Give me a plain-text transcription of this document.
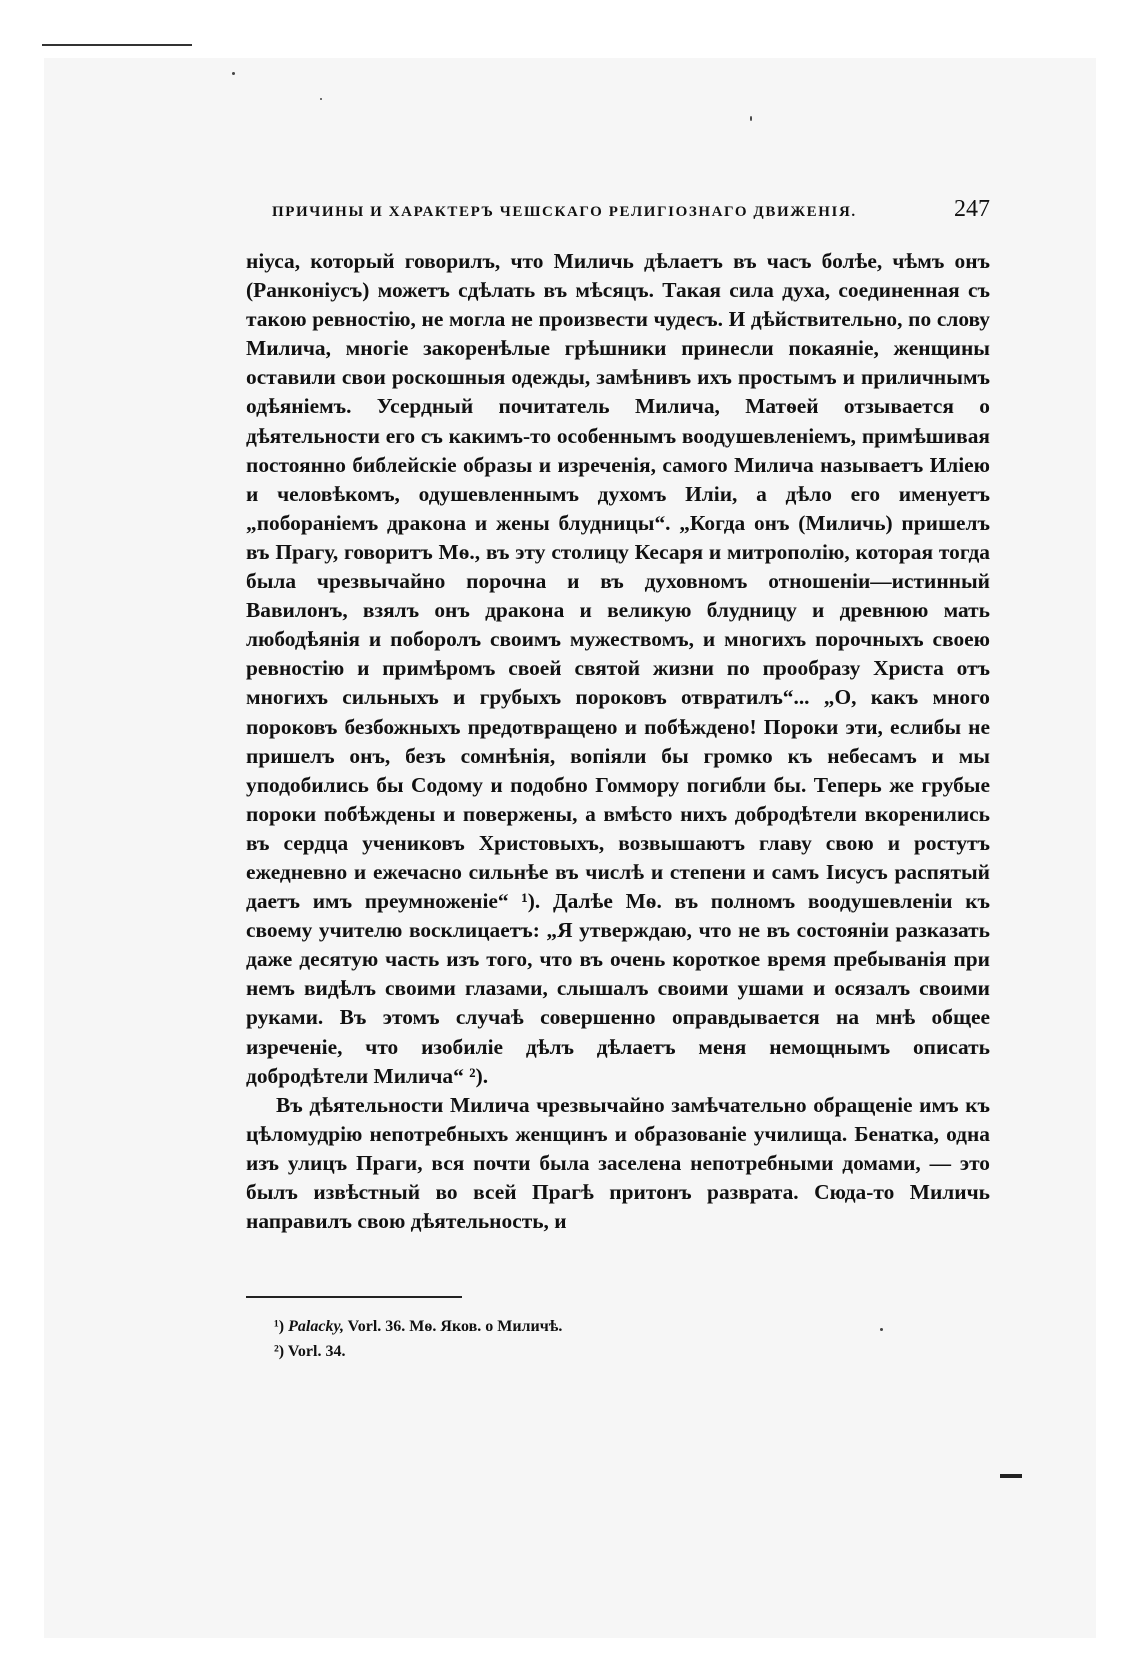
ПРИЧИНЫ И ХАРАКТЕРЪ ЧЕШСКАГО РЕЛИГІОЗНАГО ДВИЖЕНІЯ.	247

ніуса, который говорилъ, что Миличь дѣлаетъ въ часъ болѣе, чѣмъ онъ (Ранконіусъ) можетъ сдѣлать въ мѣсяцъ. Такая сила духа, соединенная съ такою ревностію, не могла не произвести чудесъ. И дѣйствительно, по слову Милича, многіе закоренѣлые грѣшники принесли покаяніе, женщины оставили свои роскошныя одежды, замѣнивъ ихъ простымъ и приличнымъ одѣяніемъ. Усердный почитатель Милича, Матѳей отзывается о дѣятельности его съ какимъ-то особеннымъ воодушевленіемъ, примѣшивая постоянно библейскіе образы и изреченія, самого Милича называетъ Иліею и человѣкомъ, одушевленнымъ духомъ Иліи, а дѣло его именуетъ „побораніемъ дракона и жены блудницы“. „Когда онъ (Миличь) пришелъ въ Прагу, говоритъ Мѳ., въ эту столицу Кесаря и митрополію, которая тогда была чрезвычайно порочна и въ духовномъ отношеніи—истинный Вавилонъ, взялъ онъ дракона и великую блудницу и древнюю мать любодѣянія и поборолъ своимъ мужествомъ, и многихъ порочныхъ своею ревностію и примѣромъ своей святой жизни по прообразу Христа отъ многихъ сильныхъ и грубыхъ пороковъ отвратилъ“... „О, какъ много пороковъ безбожныхъ предотвращено и побѣждено! Пороки эти, еслибы не пришелъ онъ, безъ сомнѣнія, вопіяли бы громко къ небесамъ и мы уподобились бы Содому и подобно Гоммору погибли бы. Теперь же грубые пороки побѣждены и повержены, а вмѣсто нихъ добродѣтели вкоренились въ сердца учениковъ Христовыхъ, возвышаютъ главу свою и ростутъ ежедневно и ежечасно сильнѣе въ числѣ и степени и самъ Іисусъ распятый даетъ имъ преумноженіе“ ¹). Далѣе Мѳ. въ полномъ воодушевленіи къ своему учителю восклицаетъ: „Я утверждаю, что не въ состояніи разказать даже десятую часть изъ того, что въ очень короткое время пребыванія при немъ видѣлъ своими глазами, слышалъ своими ушами и осязалъ своими руками. Въ этомъ случаѣ совершенно оправдывается на мнѣ общее изреченіе, что изобиліе дѣлъ дѣлаетъ меня немощнымъ описать добродѣтели Милича“ ²).

Въ дѣятельности Милича чрезвычайно замѣчательно обращеніе имъ къ цѣломудрію непотребныхъ женщинъ и образованіе училища. Бенатка, одна изъ улицъ Праги, вся почти была заселена непотребными домами, — это былъ извѣстный во всей Прагѣ притонъ разврата. Сюда-то Миличь направилъ свою дѣятельность, и

¹) Palacky, Vorl. 36. Мѳ. Яков. о Миличѣ.
²) Vorl. 34.
